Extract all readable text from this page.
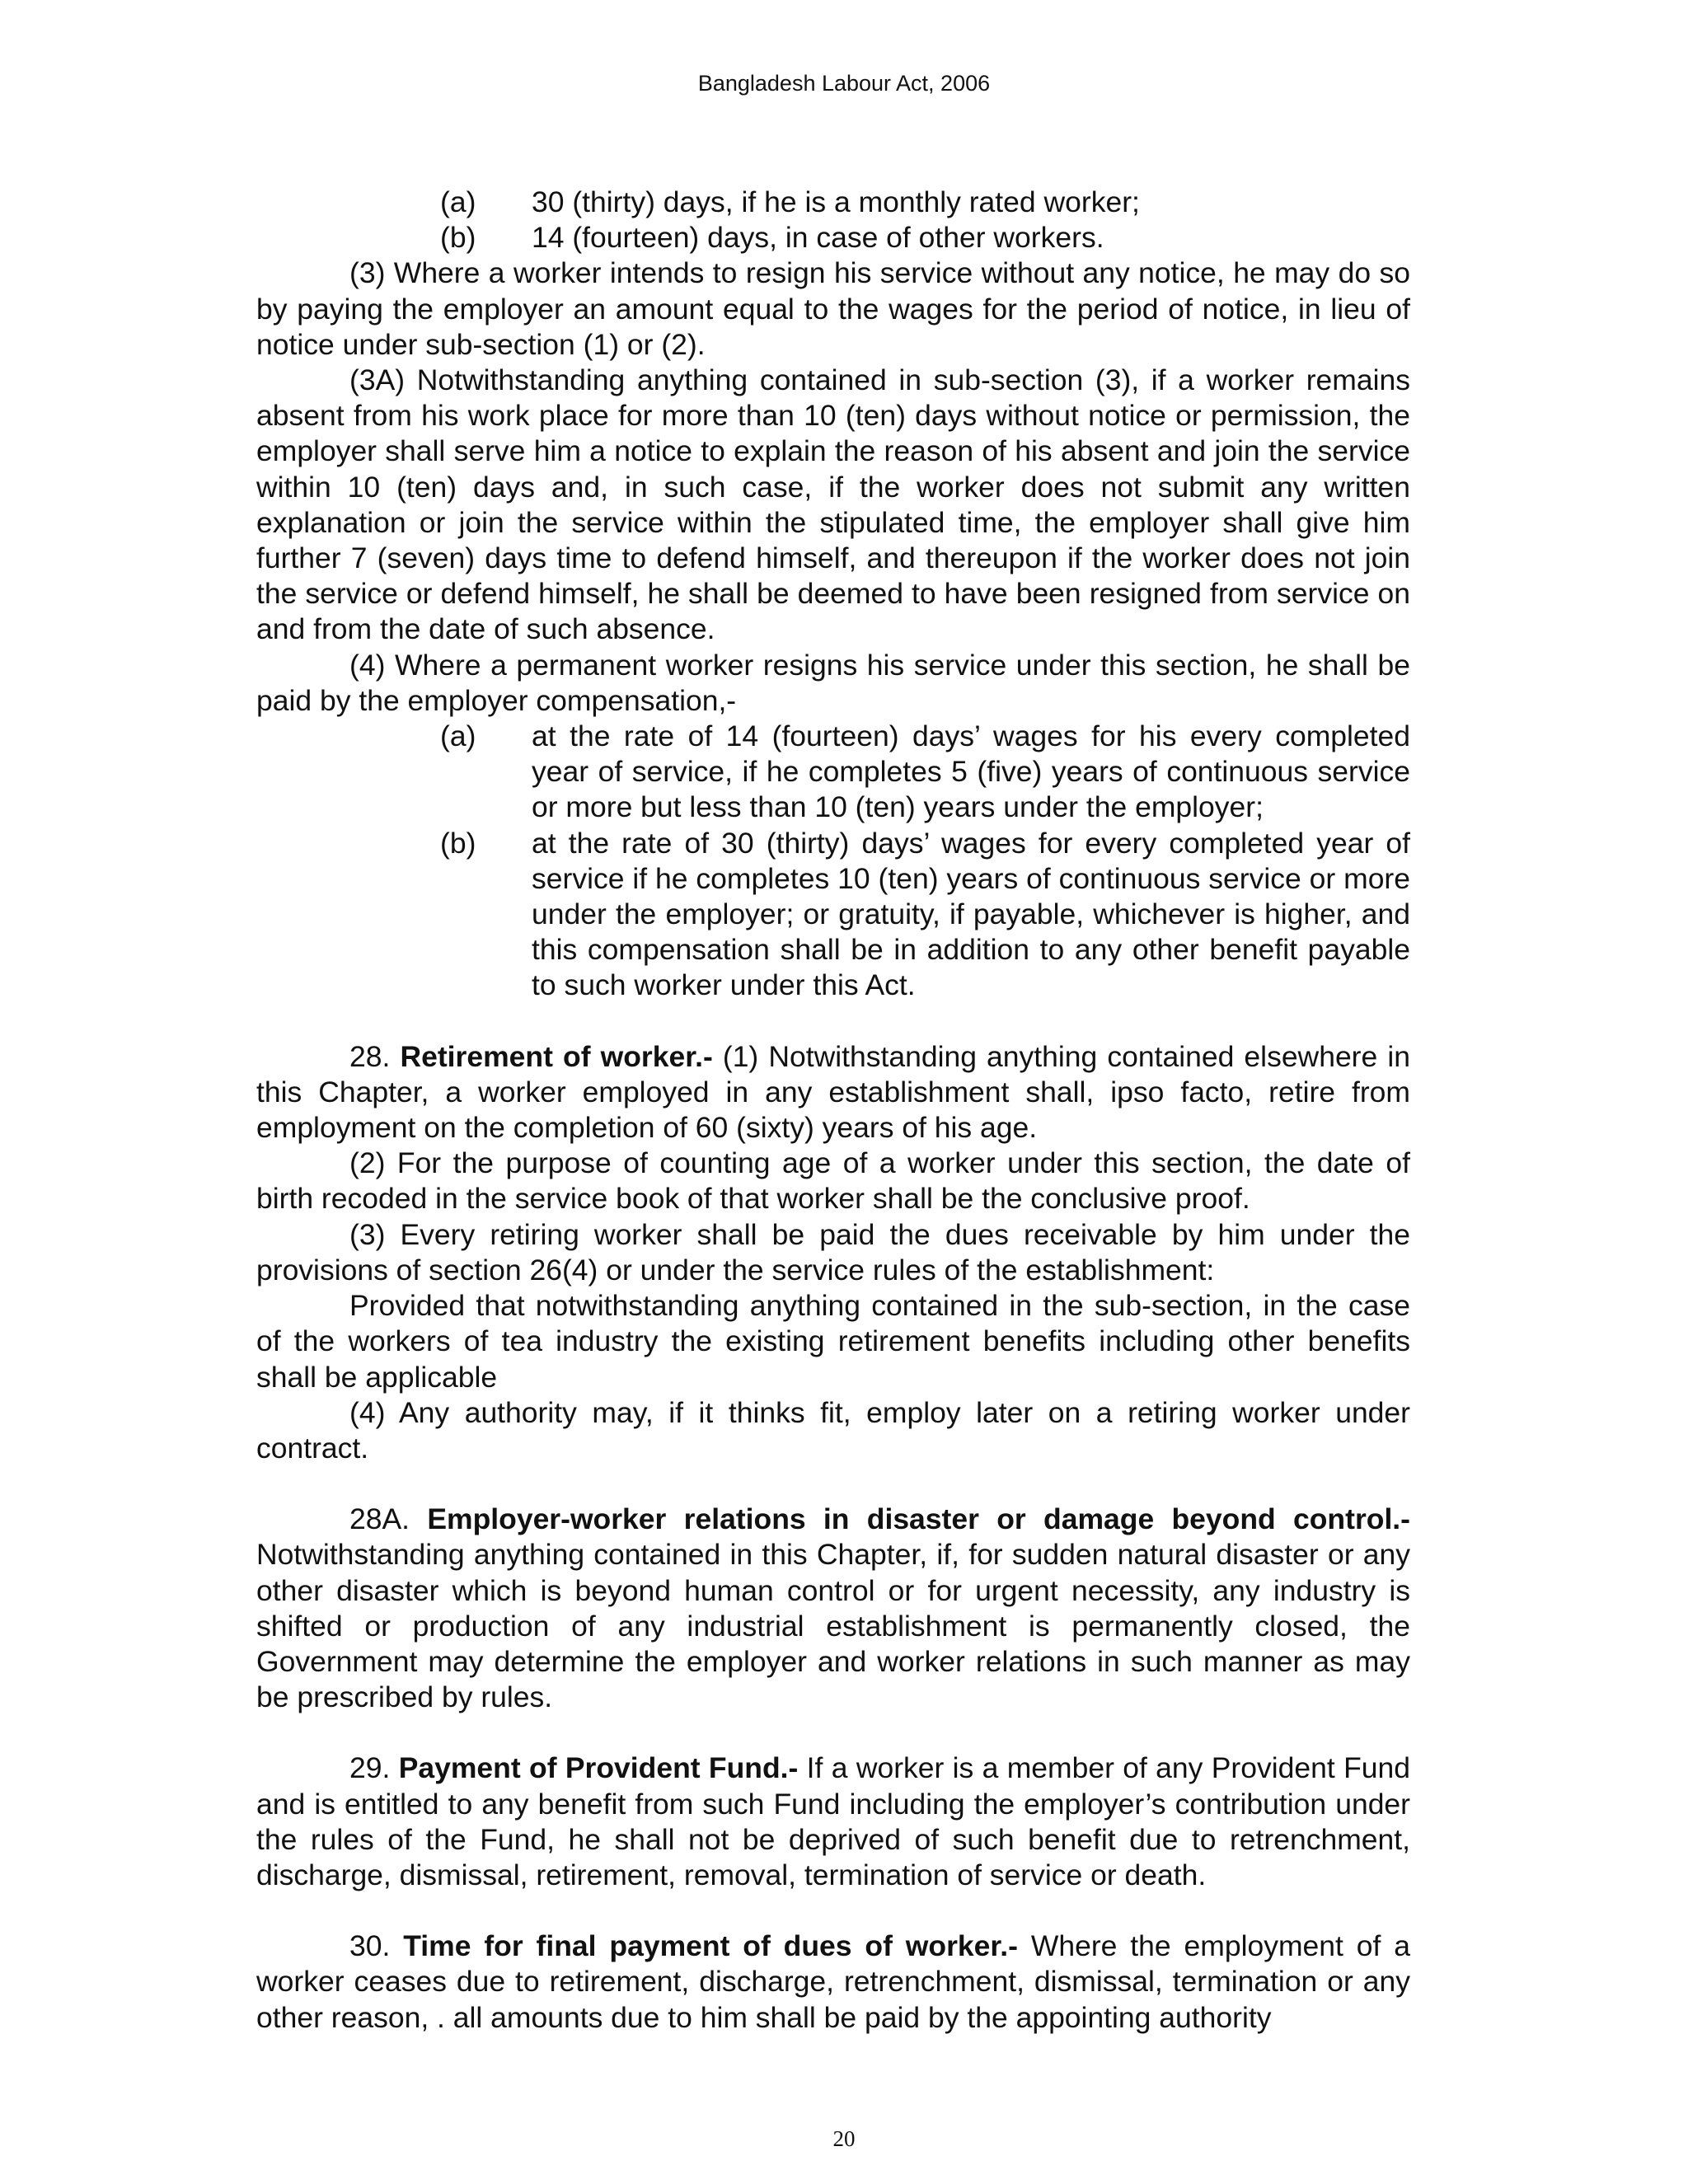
Bangladesh Labour Act, 2006
(a)	30 (thirty) days, if he is a monthly rated worker;
(b)	14 (fourteen) days, in case of other workers.

(3) Where a worker intends to resign his service without any notice, he may do so by paying the employer an amount equal to the wages for the period of notice, in lieu of notice under sub-section (1) or (2).

(3A) Notwithstanding anything contained in sub-section (3), if a worker remains absent from his work place for more than 10 (ten) days without notice or permission, the employer shall serve him a notice to explain the reason of his absent and join the service within 10 (ten) days and, in such case, if the worker does not submit any written explanation or join the service within the stipulated time, the employer shall give him further 7 (seven) days time to defend himself, and thereupon if the worker does not join the service or defend himself, he shall be deemed to have been resigned from service on and from the date of such absence.

(4) Where a permanent worker resigns his service under this section, he shall be paid by the employer compensation,-

(a)	at the rate of 14 (fourteen) days’ wages for his every completed year of service, if he completes 5 (five) years of continuous service or more but less than 10 (ten) years under the employer;
(b)	at the rate of 30 (thirty) days’ wages for every completed year of service if he completes 10 (ten) years of continuous service or more under the employer; or gratuity, if payable, whichever is higher, and this compensation shall be in addition to any other benefit payable to such worker under this Act.

28. Retirement of worker.- (1) Notwithstanding anything contained elsewhere in this Chapter, a worker employed in any establishment shall, ipso facto, retire from employment on the completion of 60 (sixty) years of his age.

(2) For the purpose of counting age of a worker under this section, the date of birth recoded in the service book of that worker shall be the conclusive proof.

(3) Every retiring worker shall be paid the dues receivable by him under the provisions of section 26(4) or under the service rules of the establishment:

Provided that notwithstanding anything contained in the sub-section, in the case of the workers of tea industry the existing retirement benefits including other benefits shall be applicable

(4) Any authority may, if it thinks fit, employ later on a retiring worker under contract.

28A. Employer-worker relations in disaster or damage beyond control.- Notwithstanding anything contained in this Chapter, if, for sudden natural disaster or any other disaster which is beyond human control or for urgent necessity, any industry is shifted or production of any industrial establishment is permanently closed, the Government may determine the employer and worker relations in such manner as may be prescribed by rules.

29. Payment of Provident Fund.- If a worker is a member of any Provident Fund and is entitled to any benefit from such Fund including the employer’s contribution under the rules of the Fund, he shall not be deprived of such benefit due to retrenchment, discharge, dismissal, retirement, removal, termination of service or death.

30. Time for final payment of dues of worker.- Where the employment of a worker ceases due to retirement, discharge, retrenchment, dismissal, termination or any other reason, . all amounts due to him shall be paid by the appointing authority

20
